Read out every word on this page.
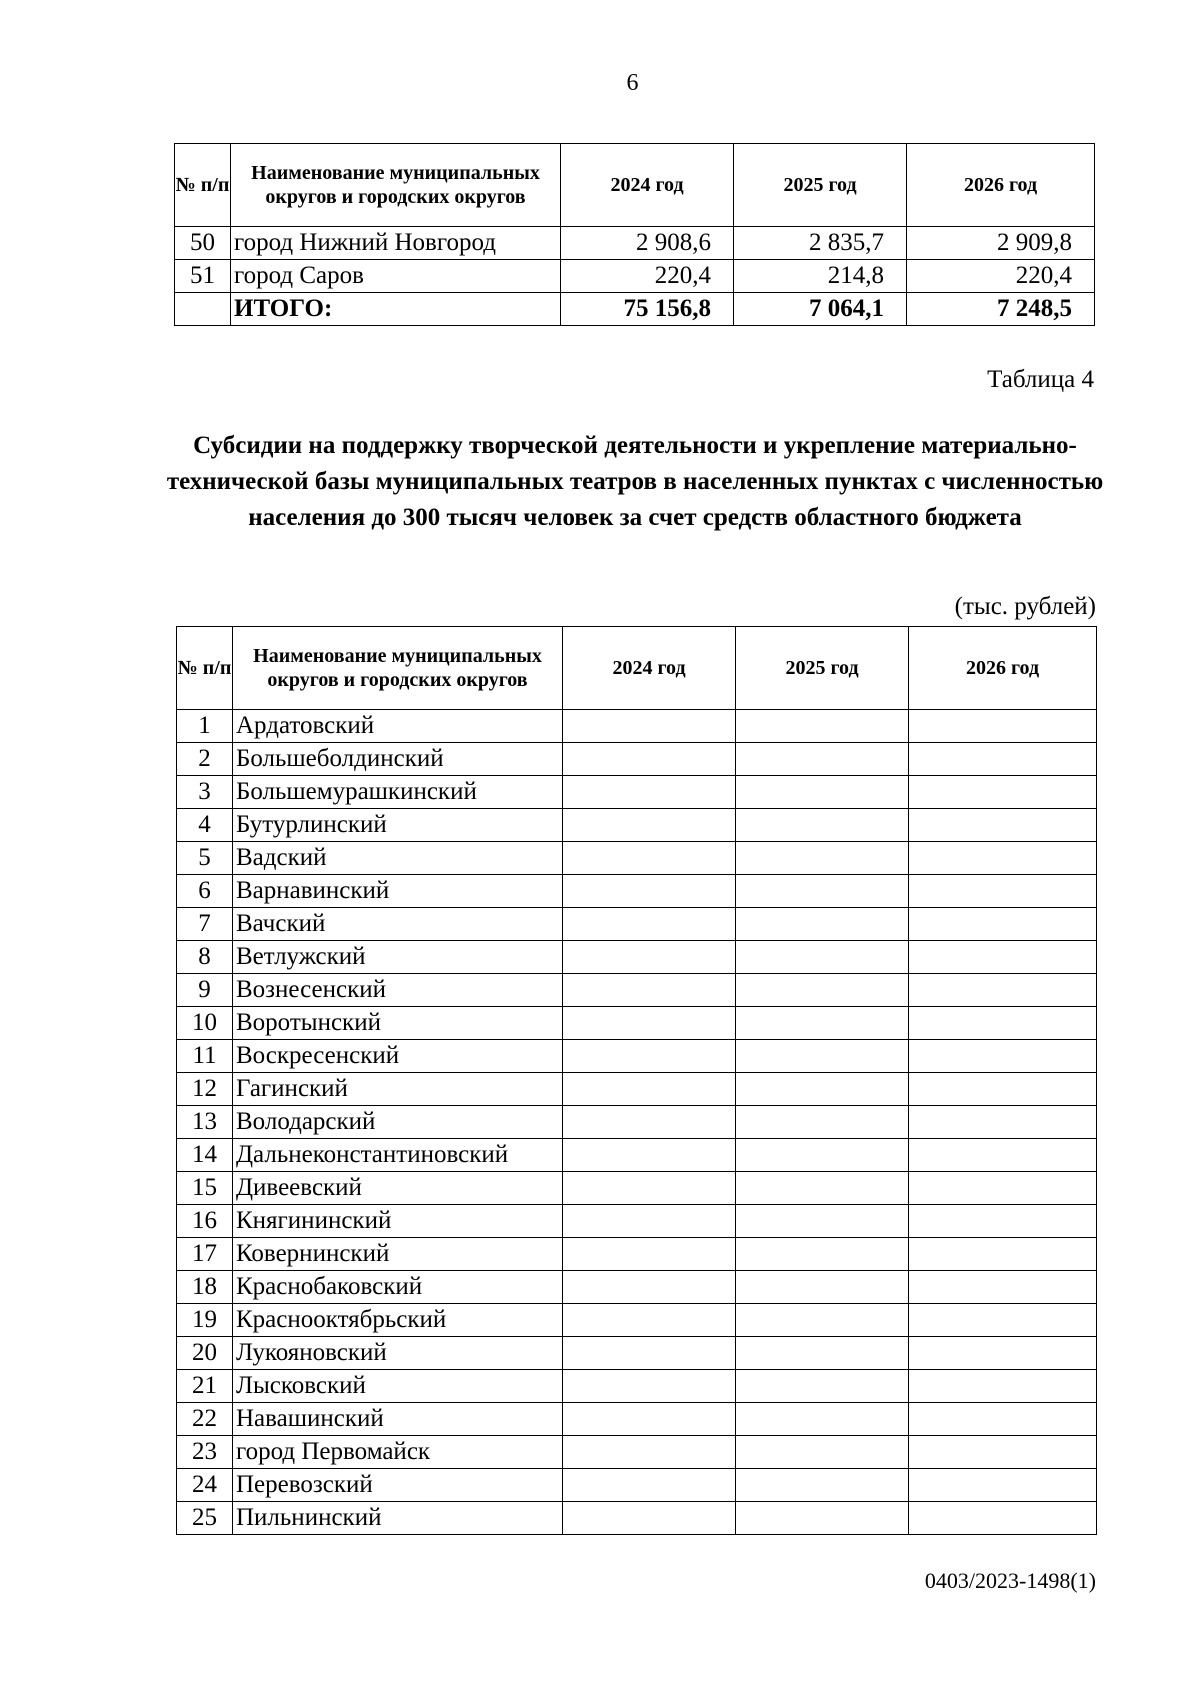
6
№ п/п	Наименование муниципальных округов и городских округов	2024 год	2025 год	2026 год
50	город Нижний Новгород	2 908,6	2 835,7	2 909,8
51	город Саров	220,4	214,8	220,4
	ИТОГО:	75 156,8	7 064,1	7 248,5
Таблица 4
Субсидии на поддержку творческой деятельности и укрепление материально-технической базы муниципальных театров в населенных пунктах с численностью населения до 300 тысяч человек за счет средств областного бюджета
(тыс. рублей)
№ п/п	Наименование муниципальных округов и городских округов	2024 год	2025 год	2026 год
1	Ардатовский			
2	Большеболдинский			
3	Большемурашкинский			
4	Бутурлинский			
5	Вадский			
6	Варнавинский			
7	Вачский			
8	Ветлужский			
9	Вознесенский			
10	Воротынский			
11	Воскресенский			
12	Гагинский			
13	Володарский			
14	Дальнеконстантиновский			
15	Дивеевский			
16	Княгининский			
17	Ковернинский			
18	Краснобаковский			
19	Краснооктябрьский			
20	Лукояновский			
21	Лысковский			
22	Навашинский			
23	город Первомайск			
24	Перевозский			
25	Пильнинский			
0403/2023-1498(1)
